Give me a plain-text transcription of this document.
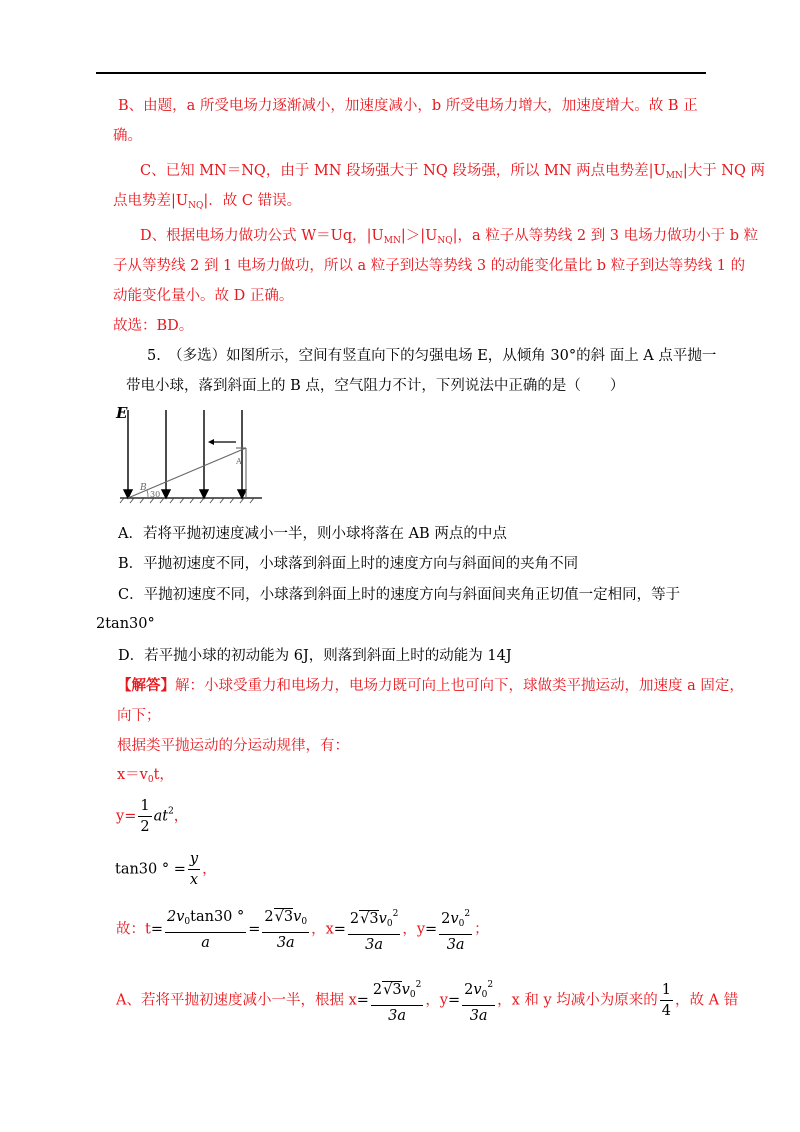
B、由题，a 所受电场力逐渐减小，加速度减小，b 所受电场力增大，加速度增大。故 B 正
确。
C、已知 MN＝NQ，由于 MN 段场强大于 NQ 段场强，所以 MN 两点电势差$|U_{MN}|$大于 NQ 两
点电势差$|U_{NQ}|$．故 C 错误。
D、根据电场力做功公式 W＝Uq，$|U_{MN}|>|U_{NQ}|$，a 粒子从等势线 2 到 3 电场力做功小于 b 粒
子从等势线 2 到 1 电场力做功，所以 a 粒子到达等势线 3 的动能变化量比 b 粒子到达等势线 1 的
动能变化量小。故 D 正确。
故选：BD。
5.　（多选）如图所示，空间有竖直向下的匀强电场 E，从倾角 30°的斜 面上 A 点平抛一
带电小球，落到斜面上的 B 点，空气阻力不计，下列说法中正确的是（　　）
E
A
B
30
A．若将平抛初速度减小一半，则小球将落在 AB 两点的中点
B．平抛初速度不同，小球落到斜面上时的速度方向与斜面间的夹角不同
C．平抛初速度不同，小球落到斜面上时的速度方向与斜面间夹角正切值一定相同，等于
2tan30°
D．若平抛小球的初动能为 6J，则落到斜面上时的动能为 14J
【解答】解：小球受重力和电场力，电场力既可向上也可向下，球做类平抛运动，加速度 a 固定，
向下；
根据类平抛运动的分运动规律，有：
$x=v_0t$，
$y= \frac{1}{2} at^2$，
tan30 ° = $\frac{y}{x}$ ，
故：$t= \frac{2v_0\tan 30 ^\circ}{a} = \frac{2√3v_0}{3a}$ ，$x= \frac{2√3v_0^2}{3a}$ ，$y= \frac{2v_0^2}{3a}$ ；
A、若将平抛初速度减小一半，根据 $x= \frac{2√3v_0^2}{3a}$ ，$y= \frac{2v_0^2}{3a}$ ，x 和 y 均减小为原来的 $\frac{1}{4}$ ，故 A 错
